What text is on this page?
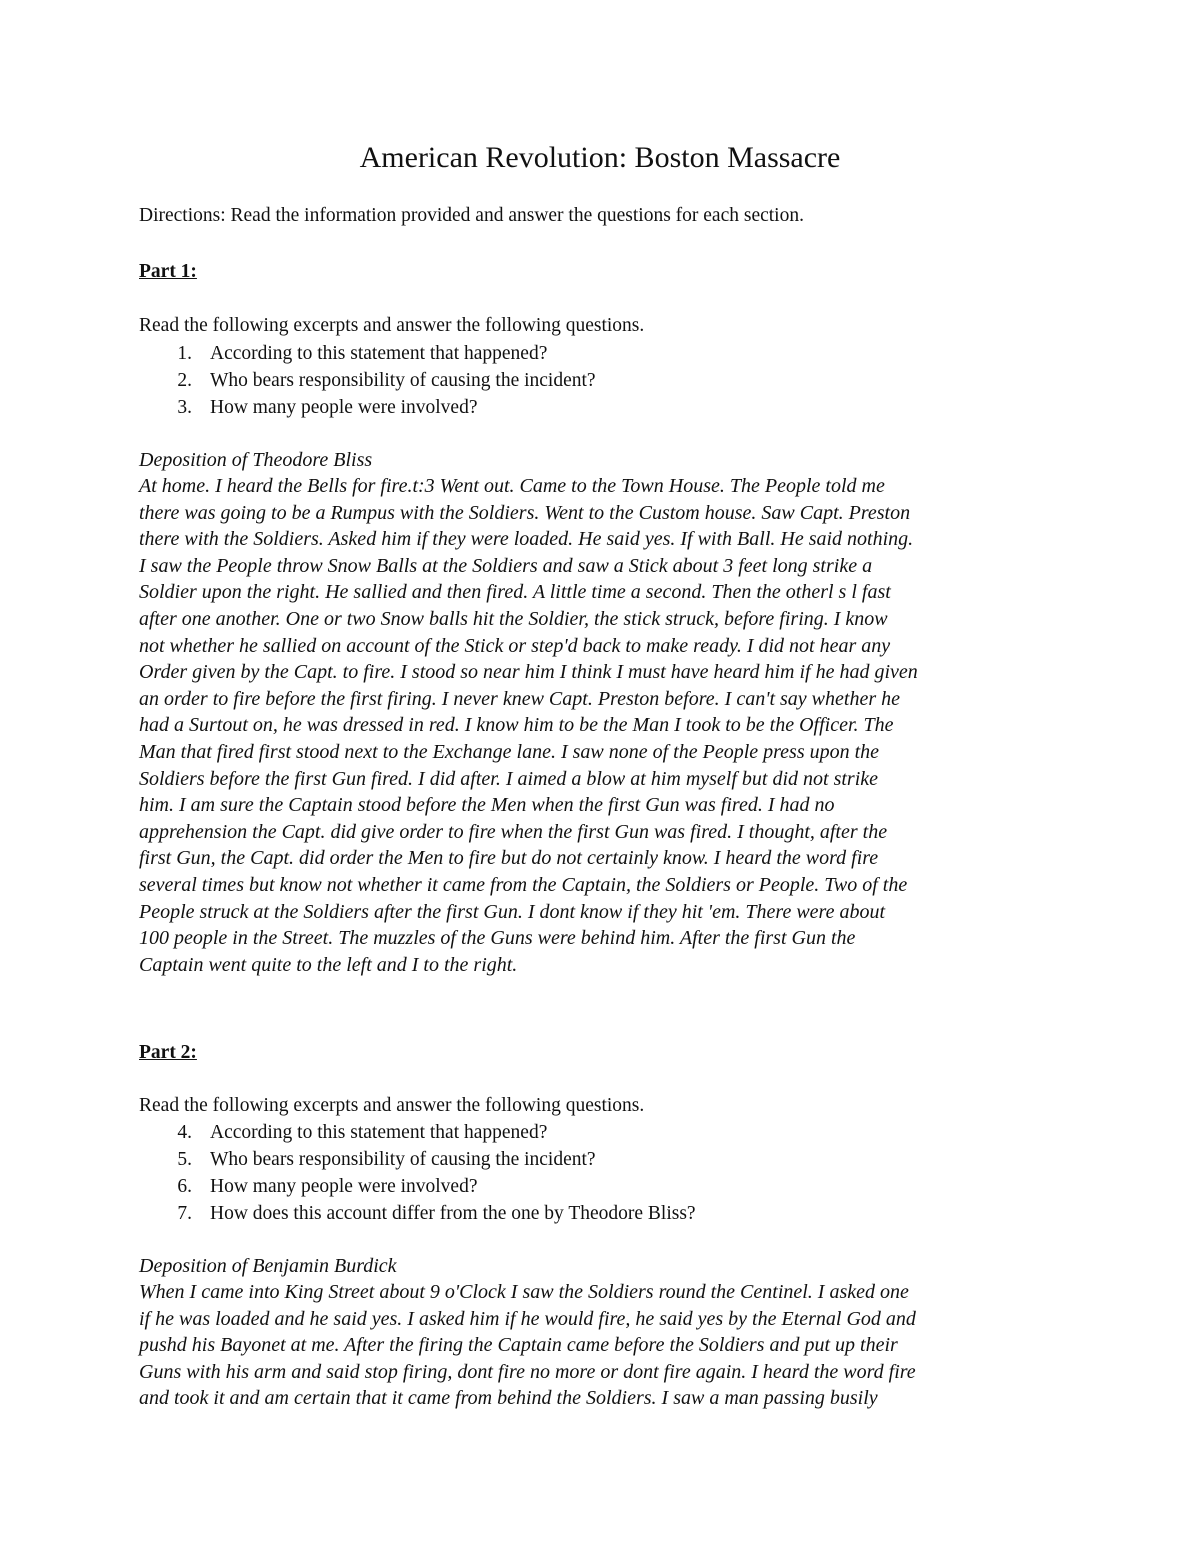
American Revolution: Boston Massacre
Directions: Read the information provided and answer the questions for each section.
Part 1:
Read the following excerpts and answer the following questions.
1. According to this statement that happened?
2. Who bears responsibility of causing the incident?
3. How many people were involved?
Deposition of Theodore Bliss
At home. I heard the Bells for fire.t:3 Went out. Came to the Town House. The People told me
there was going to be a Rumpus with the Soldiers. Went to the Custom house. Saw Capt. Preston
there with the Soldiers. Asked him if they were loaded. He said yes. If with Ball. He said nothing.
I saw the People throw Snow Balls at the Soldiers and saw a Stick about 3 feet long strike a
Soldier upon the right. He sallied and then fired. A little time a second. Then the otherl s l fast
after one another. One or two Snow balls hit the Soldier, the stick struck, before firing. I know
not whether he sallied on account of the Stick or step'd back to make ready. I did not hear any
Order given by the Capt. to fire. I stood so near him I think I must have heard him if he had given
an order to fire before the first firing. I never knew Capt. Preston before. I can't say whether he
had a Surtout on, he was dressed in red. I know him to be the Man I took to be the Officer. The
Man that fired first stood next to the Exchange lane. I saw none of the People press upon the
Soldiers before the first Gun fired. I did after. I aimed a blow at him myself but did not strike
him. I am sure the Captain stood before the Men when the first Gun was fired. I had no
apprehension the Capt. did give order to fire when the first Gun was fired. I thought, after the
first Gun, the Capt. did order the Men to fire but do not certainly know. I heard the word fire
several times but know not whether it came from the Captain, the Soldiers or People. Two of the
People struck at the Soldiers after the first Gun. I dont know if they hit 'em. There were about
100 people in the Street. The muzzles of the Guns were behind him. After the first Gun the
Captain went quite to the left and I to the right.
Part 2:
Read the following excerpts and answer the following questions.
4. According to this statement that happened?
5. Who bears responsibility of causing the incident?
6. How many people were involved?
7. How does this account differ from the one by Theodore Bliss?
Deposition of Benjamin Burdick
When I came into King Street about 9 o'Clock I saw the Soldiers round the Centinel. I asked one
if he was loaded and he said yes. I asked him if he would fire, he said yes by the Eternal God and
pushd his Bayonet at me. After the firing the Captain came before the Soldiers and put up their
Guns with his arm and said stop firing, dont fire no more or dont fire again. I heard the word fire
and took it and am certain that it came from behind the Soldiers. I saw a man passing busily
